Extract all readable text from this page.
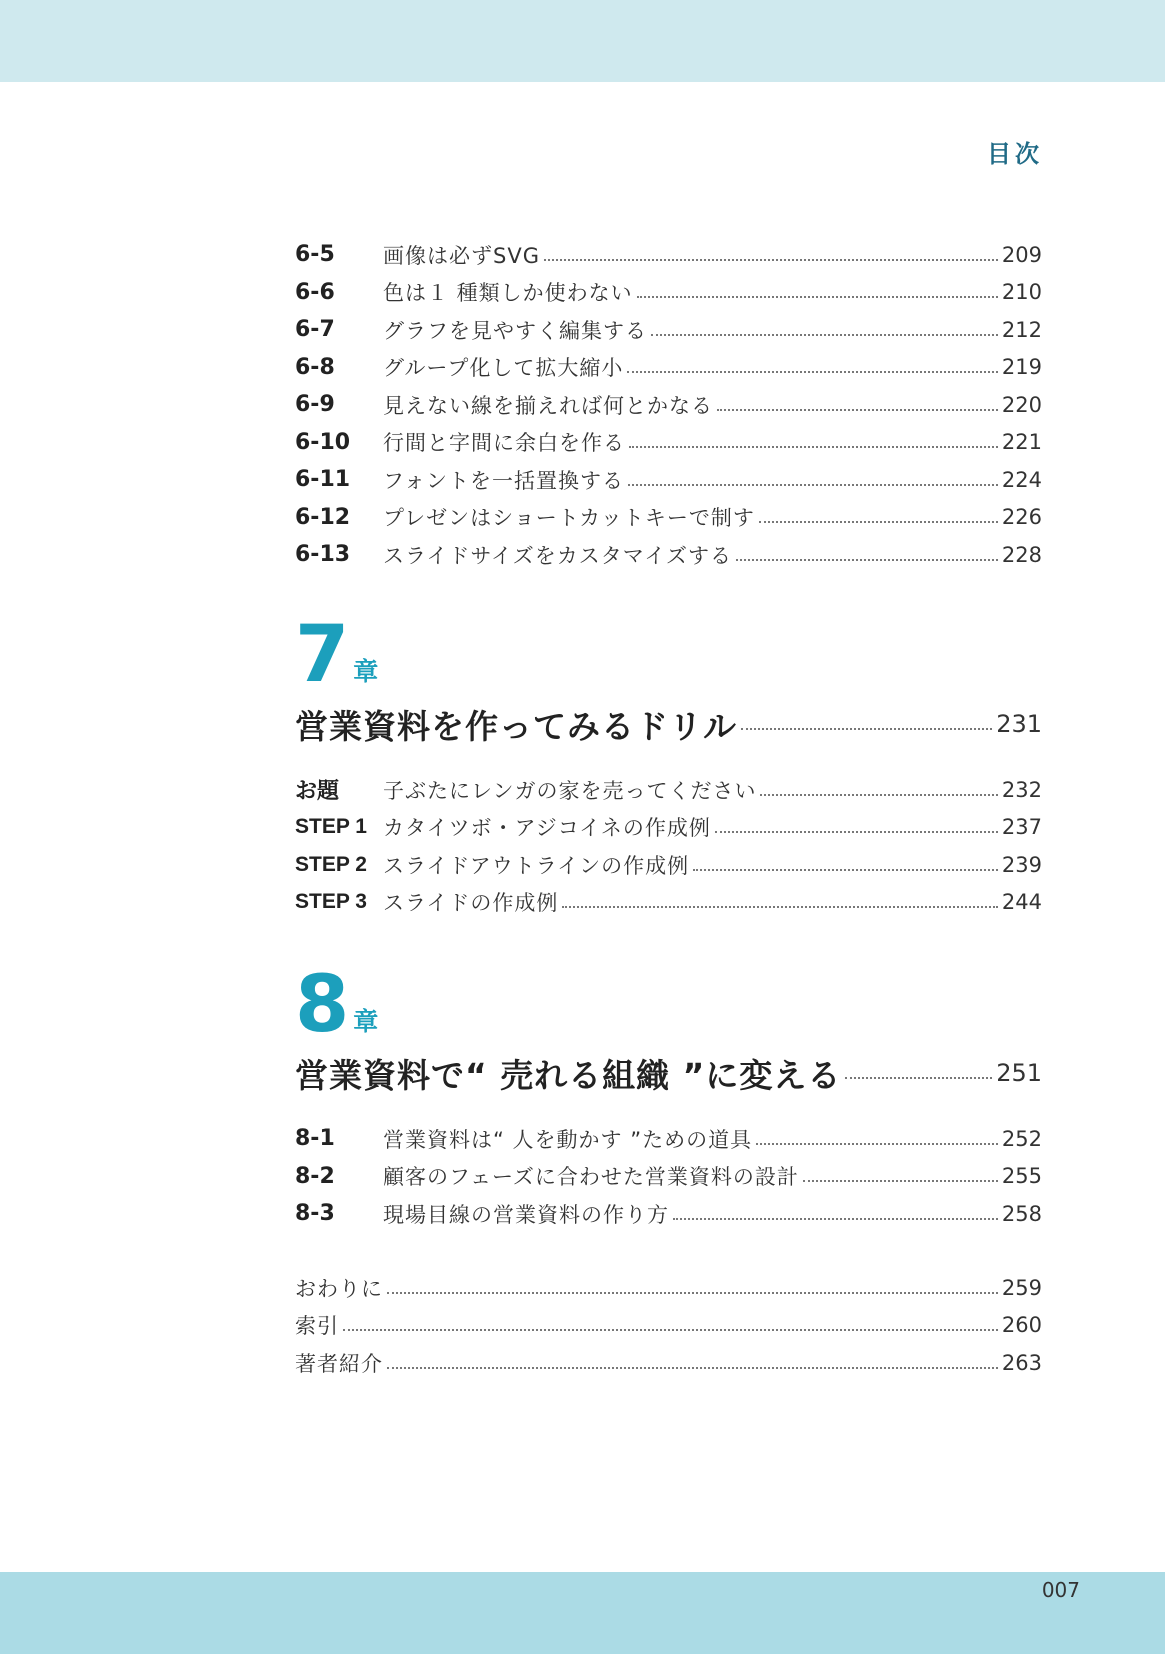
目次
6-5	画像は必ずSVG	209
6-6	色は１ 種類しか使わない	210
6-7	グラフを見やすく編集する	212
6-8	グループ化して拡大縮小	219
6-9	見えない線を揃えれば何とかなる	220
6-10	行間と字間に余白を作る	221
6-11	フォントを一括置換する	224
6-12	プレゼンはショートカットキーで制す	226
6-13	スライドサイズをカスタマイズする	228
7 章
営業資料を作ってみるドリル	231
お題	子ぶたにレンガの家を売ってください	232
STEP 1 カタイツボ・アジコイネの作成例	237
STEP 2 スライドアウトラインの作成例	239
STEP 3 スライドの作成例	244
8 章
営業資料で“ 売れる組織 ”に変える	251
8-1	営業資料は“ 人を動かす ”ための道具	252
8-2	顧客のフェーズに合わせた営業資料の設計	255
8-3	現場目線の営業資料の作り方	258
おわりに	259
索引	260
著者紹介	263
007
